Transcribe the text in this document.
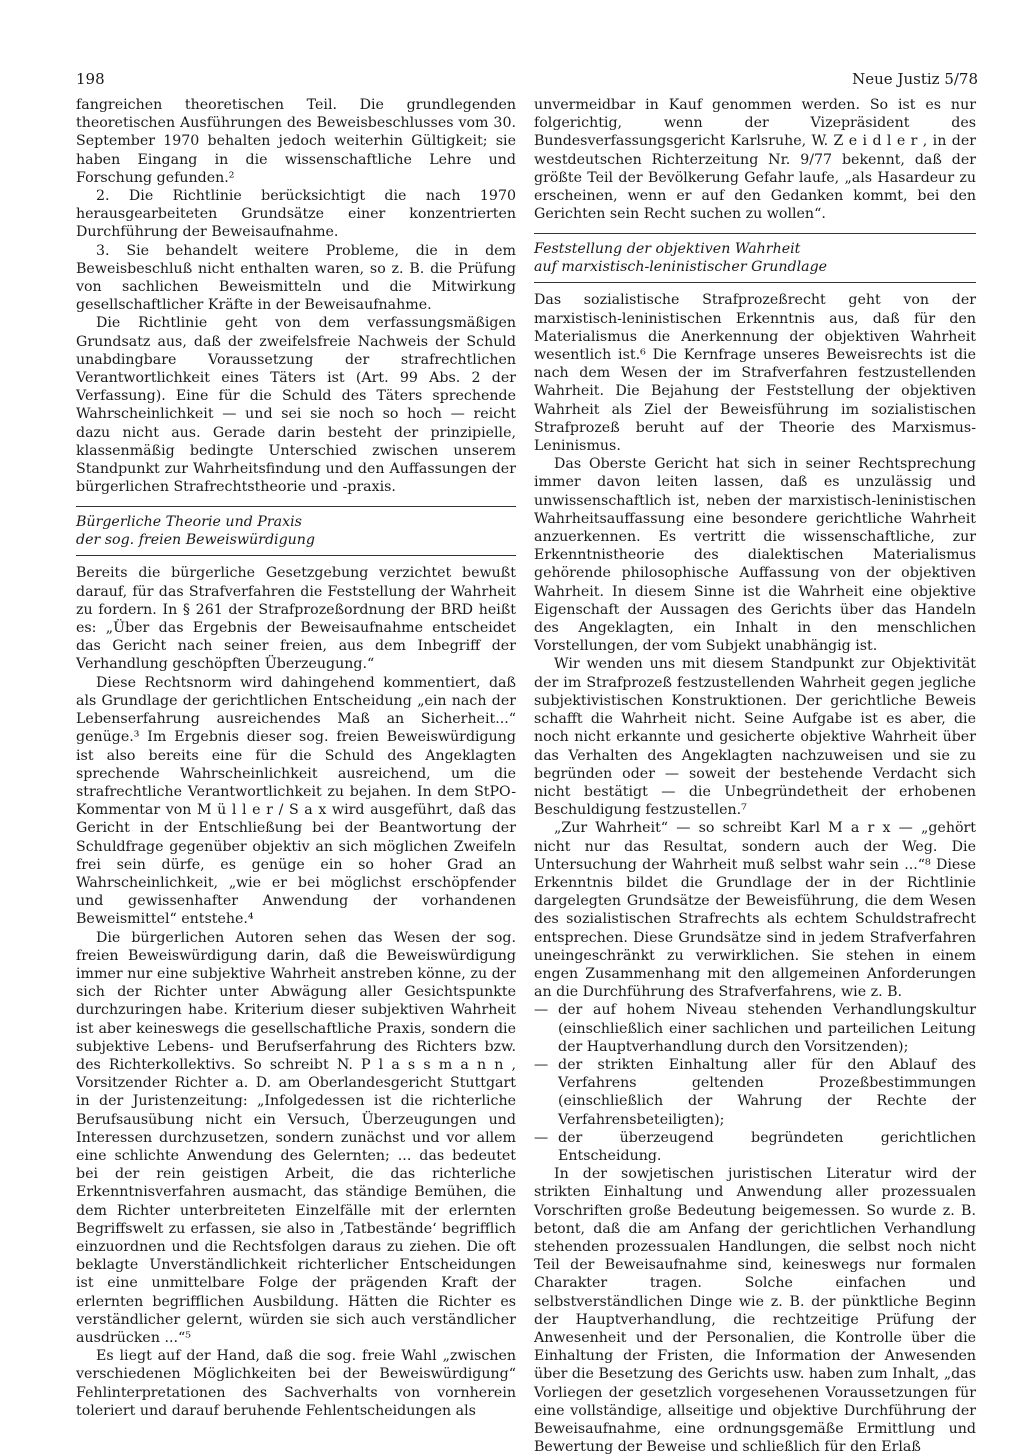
198	Neue Justiz 5/78

fangreichen theoretischen Teil. Die grundlegenden theoretischen Ausführungen des Beweisbeschlusses vom 30. September 1970 behalten jedoch weiterhin Gültigkeit; sie haben Eingang in die wissenschaftliche Lehre und Forschung gefunden.²

2. Die Richtlinie berücksichtigt die nach 1970 herausgearbeiteten Grundsätze einer konzentrierten Durchführung der Beweisaufnahme.

3. Sie behandelt weitere Probleme, die in dem Beweisbeschluß nicht enthalten waren, so z. B. die Prüfung von sachlichen Beweismitteln und die Mitwirkung gesellschaftlicher Kräfte in der Beweisaufnahme.

Die Richtlinie geht von dem verfassungsmäßigen Grundsatz aus, daß der zweifelsfreie Nachweis der Schuld unabdingbare Voraussetzung der strafrechtlichen Verantwortlichkeit eines Täters ist (Art. 99 Abs. 2 der Verfassung). Eine für die Schuld des Täters sprechende Wahrscheinlichkeit — und sei sie noch so hoch — reicht dazu nicht aus. Gerade darin besteht der prinzipielle, klassenmäßig bedingte Unterschied zwischen unserem Standpunkt zur Wahrheitsfindung und den Auffassungen der bürgerlichen Strafrechtstheorie und -praxis.

Bürgerliche Theorie und Praxis
der sog. freien Beweiswürdigung

Bereits die bürgerliche Gesetzgebung verzichtet bewußt darauf, für das Strafverfahren die Feststellung der Wahrheit zu fordern. In § 261 der Strafprozeßordnung der BRD heißt es: „Über das Ergebnis der Beweisaufnahme entscheidet das Gericht nach seiner freien, aus dem Inbegriff der Verhandlung geschöpften Überzeugung.“

Diese Rechtsnorm wird dahingehend kommentiert, daß als Grundlage der gerichtlichen Entscheidung „ein nach der Lebenserfahrung ausreichendes Maß an Sicherheit...“ genüge.³ Im Ergebnis dieser sog. freien Beweiswürdigung ist also bereits eine für die Schuld des Angeklagten sprechende Wahrscheinlichkeit ausreichend, um die strafrechtliche Verantwortlichkeit zu bejahen. In dem StPO-Kommentar von M ü l l e r / S a x wird ausgeführt, daß das Gericht in der Entschließung bei der Beantwortung der Schuldfrage gegenüber objektiv an sich möglichen Zweifeln frei sein dürfe, es genüge ein so hoher Grad an Wahrscheinlichkeit, „wie er bei möglichst erschöpfender und gewissenhafter Anwendung der vorhandenen Beweismittel“ entstehe.⁴

Die bürgerlichen Autoren sehen das Wesen der sog. freien Beweiswürdigung darin, daß die Beweiswürdigung immer nur eine subjektive Wahrheit anstreben könne, zu der sich der Richter unter Abwägung aller Gesichtspunkte durchzuringen habe. Kriterium dieser subjektiven Wahrheit ist aber keineswegs die gesellschaftliche Praxis, sondern die subjektive Lebens- und Berufserfahrung des Richters bzw. des Richterkollektivs. So schreibt N. P l a s s m a n n , Vorsitzender Richter a. D. am Oberlandesgericht Stuttgart in der Juristenzeitung: „Infolgedessen ist die richterliche Berufsausübung nicht ein Versuch, Überzeugungen und Interessen durchzusetzen, sondern zunächst und vor allem eine schlichte Anwendung des Gelernten; ... das bedeutet bei der rein geistigen Arbeit, die das richterliche Erkenntnisverfahren ausmacht, das ständige Bemühen, die dem Richter unterbreiteten Einzelfälle mit der erlernten Begriffswelt zu erfassen, sie also in ‚Tatbestände‘ begrifflich einzuordnen und die Rechtsfolgen daraus zu ziehen. Die oft beklagte Unverständlichkeit richterlicher Entscheidungen ist eine unmittelbare Folge der prägenden Kraft der erlernten begrifflichen Ausbildung. Hätten die Richter es verständlicher gelernt, würden sie sich auch verständlicher ausdrücken ...“⁵

Es liegt auf der Hand, daß die sog. freie Wahl „zwischen verschiedenen Möglichkeiten bei der Beweiswürdigung“ Fehlinterpretationen des Sachverhalts von vornherein toleriert und darauf beruhende Fehlentscheidungen als

unvermeidbar in Kauf genommen werden. So ist es nur folgerichtig, wenn der Vizepräsident des Bundesverfassungsgericht Karlsruhe, W. Z e i d l e r , in der westdeutschen Richterzeitung Nr. 9/77 bekennt, daß der größte Teil der Bevölkerung Gefahr laufe, „als Hasardeur zu erscheinen, wenn er auf den Gedanken kommt, bei den Gerichten sein Recht suchen zu wollen“.

Feststellung der objektiven Wahrheit
auf marxistisch-leninistischer Grundlage

Das sozialistische Strafprozeßrecht geht von der marxistisch-leninistischen Erkenntnis aus, daß für den Materialismus die Anerkennung der objektiven Wahrheit wesentlich ist.⁶ Die Kernfrage unseres Beweisrechts ist die nach dem Wesen der im Strafverfahren festzustellenden Wahrheit. Die Bejahung der Feststellung der objektiven Wahrheit als Ziel der Beweisführung im sozialistischen Strafprozeß beruht auf der Theorie des Marxismus-Leninismus.

Das Oberste Gericht hat sich in seiner Rechtsprechung immer davon leiten lassen, daß es unzulässig und unwissenschaftlich ist, neben der marxistisch-leninistischen Wahrheitsauffassung eine besondere gerichtliche Wahrheit anzuerkennen. Es vertritt die wissenschaftliche, zur Erkenntnistheorie des dialektischen Materialismus gehörende philosophische Auffassung von der objektiven Wahrheit. In diesem Sinne ist die Wahrheit eine objektive Eigenschaft der Aussagen des Gerichts über das Handeln des Angeklagten, ein Inhalt in den menschlichen Vorstellungen, der vom Subjekt unabhängig ist.

Wir wenden uns mit diesem Standpunkt zur Objektivität der im Strafprozeß festzustellenden Wahrheit gegen jegliche subjektivistischen Konstruktionen. Der gerichtliche Beweis schafft die Wahrheit nicht. Seine Aufgabe ist es aber, die noch nicht erkannte und gesicherte objektive Wahrheit über das Verhalten des Angeklagten nachzuweisen und sie zu begründen oder — soweit der bestehende Verdacht sich nicht bestätigt — die Unbegründetheit der erhobenen Beschuldigung festzustellen.⁷

„Zur Wahrheit“ — so schreibt Karl M a r x — „gehört nicht nur das Resultat, sondern auch der Weg. Die Untersuchung der Wahrheit muß selbst wahr sein ...“⁸ Diese Erkenntnis bildet die Grundlage der in der Richtlinie dargelegten Grundsätze der Beweisführung, die dem Wesen des sozialistischen Strafrechts als echtem Schuldstrafrecht entsprechen. Diese Grundsätze sind in jedem Strafverfahren uneingeschränkt zu verwirklichen. Sie stehen in einem engen Zusammenhang mit den allgemeinen Anforderungen an die Durchführung des Strafverfahrens, wie z. B.

— der auf hohem Niveau stehenden Verhandlungskultur (einschließlich einer sachlichen und parteilichen Leitung der Hauptverhandlung durch den Vorsitzenden);
— der strikten Einhaltung aller für den Ablauf des Verfahrens geltenden Prozeßbestimmungen (einschließlich der Wahrung der Rechte der Verfahrensbeteiligten);
— der überzeugend begründeten gerichtlichen Entscheidung.

In der sowjetischen juristischen Literatur wird der strikten Einhaltung und Anwendung aller prozessualen Vorschriften große Bedeutung beigemessen. So wurde z. B. betont, daß die am Anfang der gerichtlichen Verhandlung stehenden prozessualen Handlungen, die selbst noch nicht Teil der Beweisaufnahme sind, keineswegs nur formalen Charakter tragen. Solche einfachen und selbstverständlichen Dinge wie z. B. der pünktliche Beginn der Hauptverhandlung, die rechtzeitige Prüfung der Anwesenheit und der Personalien, die Kontrolle über die Einhaltung der Fristen, die Information der Anwesenden über die Besetzung des Gerichts usw. haben zum Inhalt, „das Vorliegen der gesetzlich vorgesehenen Voraussetzungen für eine vollständige, allseitige und objektive Durchführung der Beweisaufnahme, eine ordnungsgemäße Ermittlung und Bewertung der Beweise und schließlich für den Erlaß
